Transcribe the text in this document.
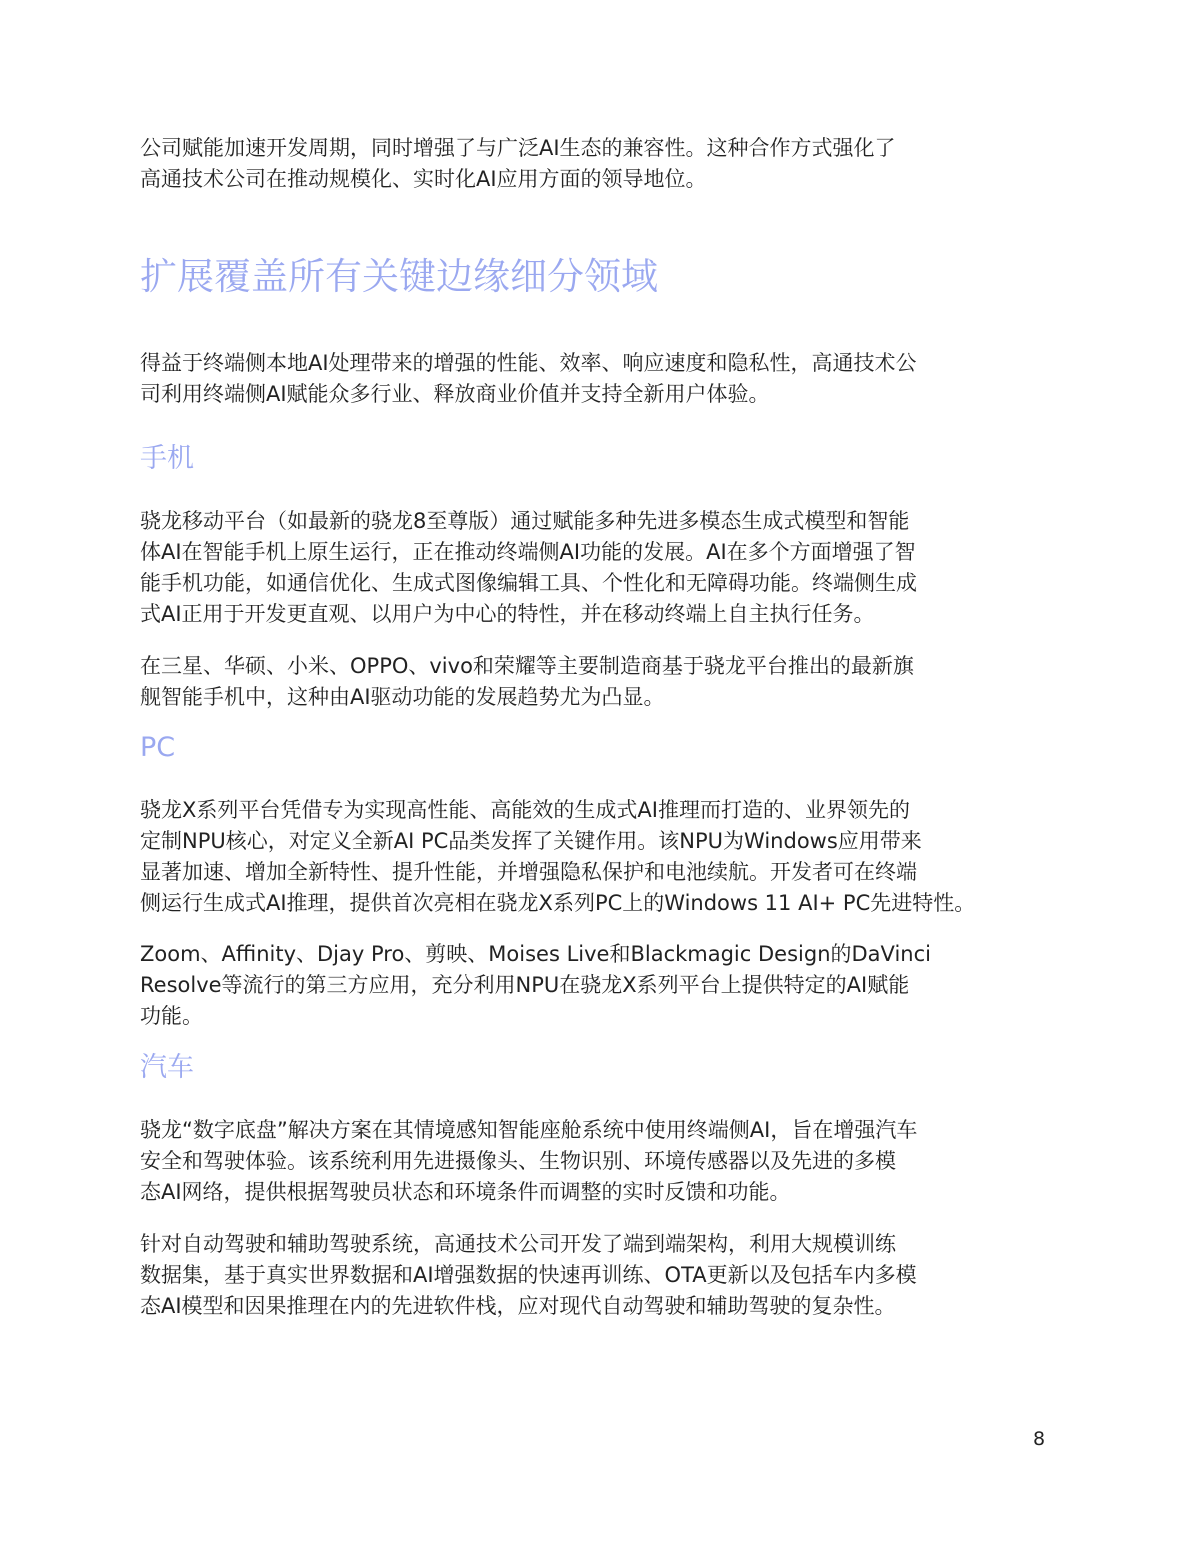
公司赋能加速开发周期，同时增强了与广泛AI生态的兼容性。这种合作方式强化了
高通技术公司在推动规模化、实时化AI应用方面的领导地位。
扩展覆盖所有关键边缘细分领域
得益于终端侧本地AI处理带来的增强的性能、效率、响应速度和隐私性，高通技术公
司利用终端侧AI赋能众多行业、释放商业价值并支持全新用户体验。
手机
骁龙移动平台（如最新的骁龙8至尊版）通过赋能多种先进多模态生成式模型和智能
体AI在智能手机上原生运行，正在推动终端侧AI功能的发展。AI在多个方面增强了智
能手机功能，如通信优化、生成式图像编辑工具、个性化和无障碍功能。终端侧生成
式AI正用于开发更直观、以用户为中心的特性，并在移动终端上自主执行任务。
在三星、华硕、小米、OPPO、vivo和荣耀等主要制造商基于骁龙平台推出的最新旗
舰智能手机中，这种由AI驱动功能的发展趋势尤为凸显。
PC
骁龙X系列平台凭借专为实现高性能、高能效的生成式AI推理而打造的、业界领先的
定制NPU核心，对定义全新AI PC品类发挥了关键作用。该NPU为Windows应用带来
显著加速、增加全新特性、提升性能，并增强隐私保护和电池续航。开发者可在终端
侧运行生成式AI推理，提供首次亮相在骁龙X系列PC上的Windows 11 AI+ PC先进特性。
Zoom、Affinity、Djay Pro、剪映、Moises Live和Blackmagic Design的DaVinci
Resolve等流行的第三方应用，充分利用NPU在骁龙X系列平台上提供特定的AI赋能
功能。
汽车
骁龙“数字底盘”解决方案在其情境感知智能座舱系统中使用终端侧AI，旨在增强汽车
安全和驾驶体验。该系统利用先进摄像头、生物识别、环境传感器以及先进的多模
态AI网络，提供根据驾驶员状态和环境条件而调整的实时反馈和功能。
针对自动驾驶和辅助驾驶系统，高通技术公司开发了端到端架构，利用大规模训练
数据集，基于真实世界数据和AI增强数据的快速再训练、OTA更新以及包括车内多模
态AI模型和因果推理在内的先进软件栈，应对现代自动驾驶和辅助驾驶的复杂性。
8
